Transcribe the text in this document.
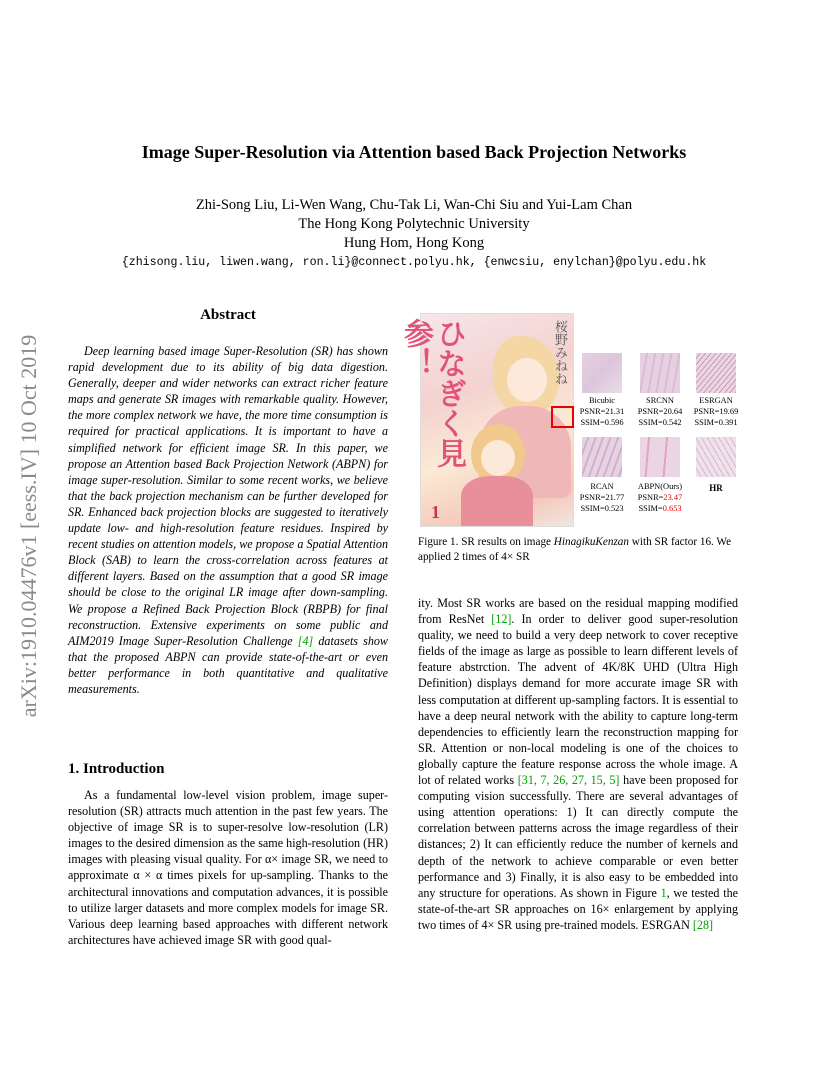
arXiv:1910.04476v1 [eess.IV] 10 Oct 2019
Image Super-Resolution via Attention based Back Projection Networks
Zhi-Song Liu, Li-Wen Wang, Chu-Tak Li, Wan-Chi Siu and Yui-Lam Chan
The Hong Kong Polytechnic University
Hung Hom, Hong Kong
{zhisong.liu, liwen.wang, ron.li}@connect.polyu.hk, {enwcsiu, enylchan}@polyu.edu.hk
Abstract

Deep learning based image Super-Resolution (SR) has shown rapid development due to its ability of big data digestion. Generally, deeper and wider networks can extract richer feature maps and generate SR images with remarkable quality. However, the more complex network we have, the more time consumption is required for practical applications. It is important to have a simplified network for efficient image SR. In this paper, we propose an Attention based Back Projection Network (ABPN) for image super-resolution. Similar to some recent works, we believe that the back projection mechanism can be further developed for SR. Enhanced back projection blocks are suggested to iteratively update low- and high-resolution feature residues. Inspired by recent studies on attention models, we propose a Spatial Attention Block (SAB) to learn the cross-correlation across features at different layers. Based on the assumption that a good SR image should be close to the original LR image after down-sampling. We propose a Refined Back Projection Block (RBPB) for final reconstruction. Extensive experiments on some public and AIM2019 Image Super-Resolution Challenge [4] datasets show that the proposed ABPN can provide state-of-the-art or even better performance in both quantitative and qualitative measurements.

1. Introduction

As a fundamental low-level vision problem, image super-resolution (SR) attracts much attention in the past few years. The objective of image SR is to super-resolve low-resolution (LR) images to the desired dimension as the same high-resolution (HR) images with pleasing visual quality. For α× image SR, we need to approximate α × α times pixels for up-sampling. Thanks to the architectural innovations and computation advances, it is possible to utilize larger datasets and more complex models for image SR. Various deep learning based approaches with different network architectures have achieved image SR with good qual-

ひなぎく見参！	桜野みねね
1
Bicubic
PSNR=21.31
SSIM=0.596
SRCNN
PSNR=20.64
SSIM=0.542
ESRGAN
PSNR=19.69
SSIM=0.391
RCAN
PSNR=21.77
SSIM=0.523
ABPN(Ours)
PSNR=23.47
SSIM=0.653
HR
Figure 1. SR results on image HinagikuKenzan with SR factor 16. We applied 2 times of 4× SR

ity. Most SR works are based on the residual mapping modified from ResNet [12]. In order to deliver good super-resolution quality, we need to build a very deep network to cover receptive fields of the image as large as possible to learn different levels of feature abstrction. The advent of 4K/8K UHD (Ultra High Definition) displays demand for more accurate image SR with less computation at different up-sampling factors. It is essential to have a deep neural network with the ability to capture long-term dependencies to efficiently learn the reconstruction mapping for SR. Attention or non-local modeling is one of the choices to globally capture the feature response across the whole image. A lot of related works [31, 7, 26, 27, 15, 5] have been proposed for computing vision successfully. There are several advantages of using attention operations: 1) It can directly compute the correlation between patterns across the image regardless of their distances; 2) It can efficiently reduce the number of kernels and depth of the network to achieve comparable or even better performance and 3) Finally, it is also easy to be embedded into any structure for operations. As shown in Figure 1, we tested the state-of-the-art SR approaches on 16× enlargement by applying two times of 4× SR using pre-trained models. ESRGAN [28]
